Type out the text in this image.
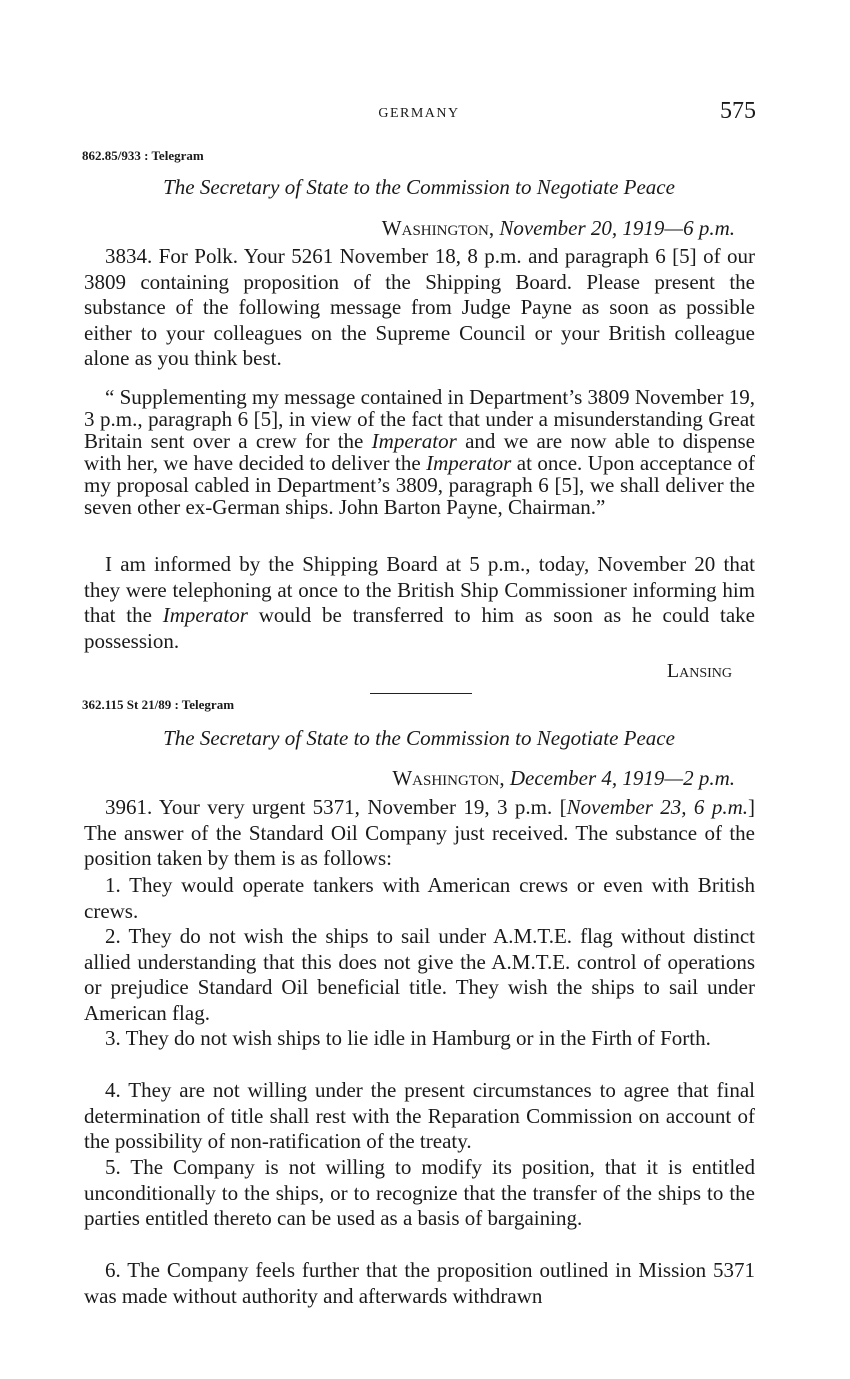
GERMANY	575
862.85/933 : Telegram
The Secretary of State to the Commission to Negotiate Peace
Washington, November 20, 1919—6 p.m.

3834. For Polk. Your 5261 November 18, 8 p.m. and paragraph 6 [5] of our 3809 containing proposition of the Shipping Board. Please present the substance of the following message from Judge Payne as soon as possible either to your colleagues on the Supreme Council or your British colleague alone as you think best.

“ Supplementing my message contained in Department’s 3809 November 19, 3 p.m., paragraph 6 [5], in view of the fact that under a misunderstanding Great Britain sent over a crew for the Imperator and we are now able to dispense with her, we have decided to deliver the Imperator at once. Upon acceptance of my proposal cabled in Department’s 3809, paragraph 6 [5], we shall deliver the seven other ex-German ships. John Barton Payne, Chairman.”

I am informed by the Shipping Board at 5 p.m., today, November 20 that they were telephoning at once to the British Ship Commissioner informing him that the Imperator would be transferred to him as soon as he could take possession.

Lansing
362.115 St 21/89 : Telegram
The Secretary of State to the Commission to Negotiate Peace
Washington, December 4, 1919—2 p.m.

3961. Your very urgent 5371, November 19, 3 p.m. [November 23, 6 p.m.] The answer of the Standard Oil Company just received. The substance of the position taken by them is as follows:

1. They would operate tankers with American crews or even with British crews.

2. They do not wish the ships to sail under A.M.T.E. flag without distinct allied understanding that this does not give the A.M.T.E. control of operations or prejudice Standard Oil beneficial title. They wish the ships to sail under American flag.

3. They do not wish ships to lie idle in Hamburg or in the Firth of Forth.

4. They are not willing under the present circumstances to agree that final determination of title shall rest with the Reparation Commission on account of the possibility of non-ratification of the treaty.

5. The Company is not willing to modify its position, that it is entitled unconditionally to the ships, or to recognize that the transfer of the ships to the parties entitled thereto can be used as a basis of bargaining.

6. The Company feels further that the proposition outlined in Mission 5371 was made without authority and afterwards withdrawn
